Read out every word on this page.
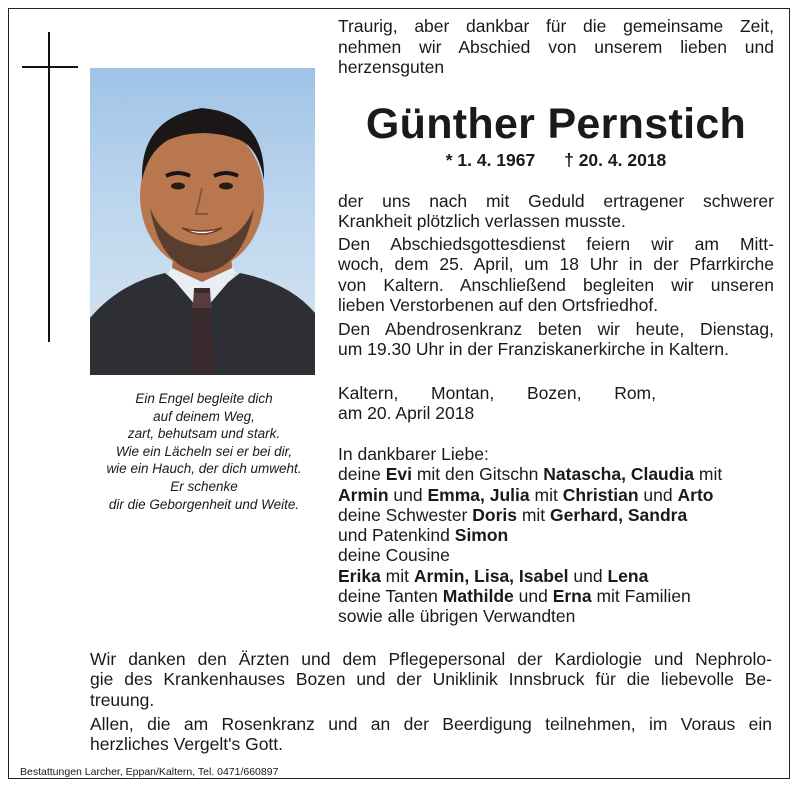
Ein Engel begleite dich
auf deinem Weg,
zart, behutsam und stark.
Wie ein Lächeln sei er bei dir,
wie ein Hauch, der dich umweht.
Er schenke
dir die Geborgenheit und Weite.
Traurig, aber dankbar für die gemeinsame Zeit,
nehmen wir Abschied von unserem lieben und
herzensguten
Günther Pernstich
* 1. 4. 1967 † 20. 4. 2018
der uns nach mit Geduld ertragener schwerer
Krankheit plötzlich verlassen musste.
Den Abschiedsgottesdienst feiern wir am Mitt-
woch, dem 25. April, um 18 Uhr in der Pfarrkirche
von Kaltern. Anschließend begleiten wir unseren
lieben Verstorbenen auf den Ortsfriedhof.
Den Abendrosenkranz beten wir heute, Dienstag,
um 19.30 Uhr in der Franziskanerkirche in Kaltern.
Kaltern, Montan, Bozen, Rom,
am 20. April 2018
In dankbarer Liebe:
deine Evi mit den Gitschn Natascha, Claudia mit
Armin und Emma, Julia mit Christian und Arto
deine Schwester Doris mit Gerhard, Sandra
und Patenkind Simon
deine Cousine
Erika mit Armin, Lisa, Isabel und Lena
deine Tanten Mathilde und Erna mit Familien
sowie alle übrigen Verwandten
Wir danken den Ärzten und dem Pflegepersonal der Kardiologie und Nephrolo-
gie des Krankenhauses Bozen und der Uniklinik Innsbruck für die liebevolle Be-
treuung.
Allen, die am Rosenkranz und an der Beerdigung teilnehmen, im Voraus ein
herzliches Vergelt's Gott.
Bestattungen Larcher, Eppan/Kaltern, Tel. 0471/660897
